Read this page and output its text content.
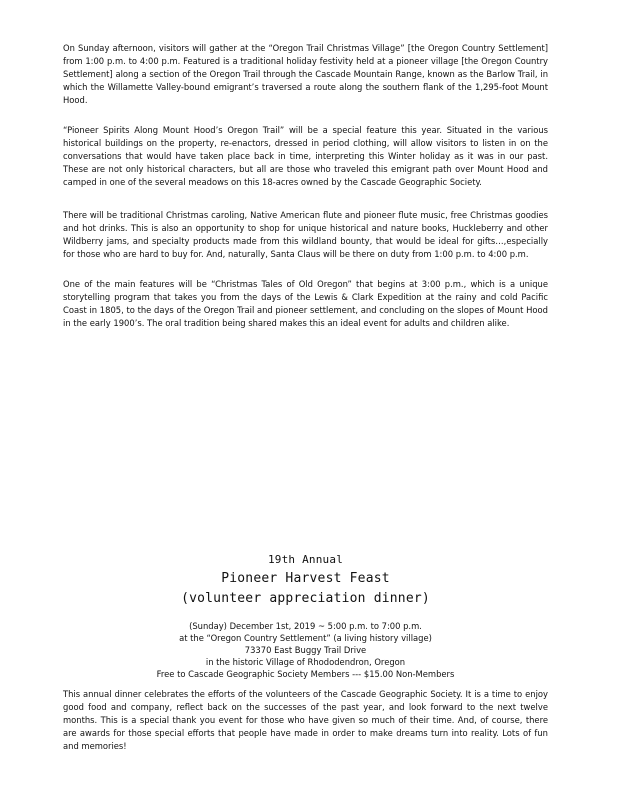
On Sunday afternoon, visitors will gather at the “Oregon Trail Christmas Village” [the Oregon Country Settlement] from 1:00 p.m. to 4:00 p.m. Featured is a traditional holiday festivity held at a pioneer village [the Oregon Country Settlement] along a section of the Oregon Trail through the Cascade Mountain Range, known as the Barlow Trail, in which the Willamette Valley-bound emigrant’s traversed a route along the southern flank of the 1,295-foot Mount Hood.

“Pioneer Spirits Along Mount Hood’s Oregon Trail” will be a special feature this year. Situated in the various historical buildings on the property, re-enactors, dressed in period clothing, will allow visitors to listen in on the conversations that would have taken place back in time, interpreting this Winter holiday as it was in our past. These are not only historical characters, but all are those who traveled this emigrant path over Mount Hood and camped in one of the several meadows on this 18-acres owned by the Cascade Geographic Society.

There will be traditional Christmas caroling, Native American flute and pioneer flute music, free Christmas goodies and hot drinks. This is also an opportunity to shop for unique historical and nature books, Huckleberry and other Wildberry jams, and specialty products made from this wildland bounty, that would be ideal for gifts…,especially for those who are hard to buy for. And, naturally, Santa Claus will be there on duty from 1:00 p.m. to 4:00 p.m.

One of the main features will be “Christmas Tales of Old Oregon” that begins at 3:00 p.m., which is a unique storytelling program that takes you from the days of the Lewis & Clark Expedition at the rainy and cold Pacific Coast in 1805, to the days of the Oregon Trail and pioneer settlement, and concluding on the slopes of Mount Hood in the early 1900’s. The oral tradition being shared makes this an ideal event for adults and children alike.

19th Annual
Pioneer Harvest Feast
(volunteer appreciation dinner)
(Sunday) December 1st, 2019 ~ 5:00 p.m. to 7:00 p.m.
at the “Oregon Country Settlement” (a living history village)
73370 East Buggy Trail Drive
in the historic Village of Rhododendron, Oregon
Free to Cascade Geographic Society Members --- $15.00 Non-Members

This annual dinner celebrates the efforts of the volunteers of the Cascade Geographic Society. It is a time to enjoy good food and company, reflect back on the successes of the past year, and look forward to the next twelve months. This is a special thank you event for those who have given so much of their time. And, of course, there are awards for those special efforts that people have made in order to make dreams turn into reality. Lots of fun and memories!
